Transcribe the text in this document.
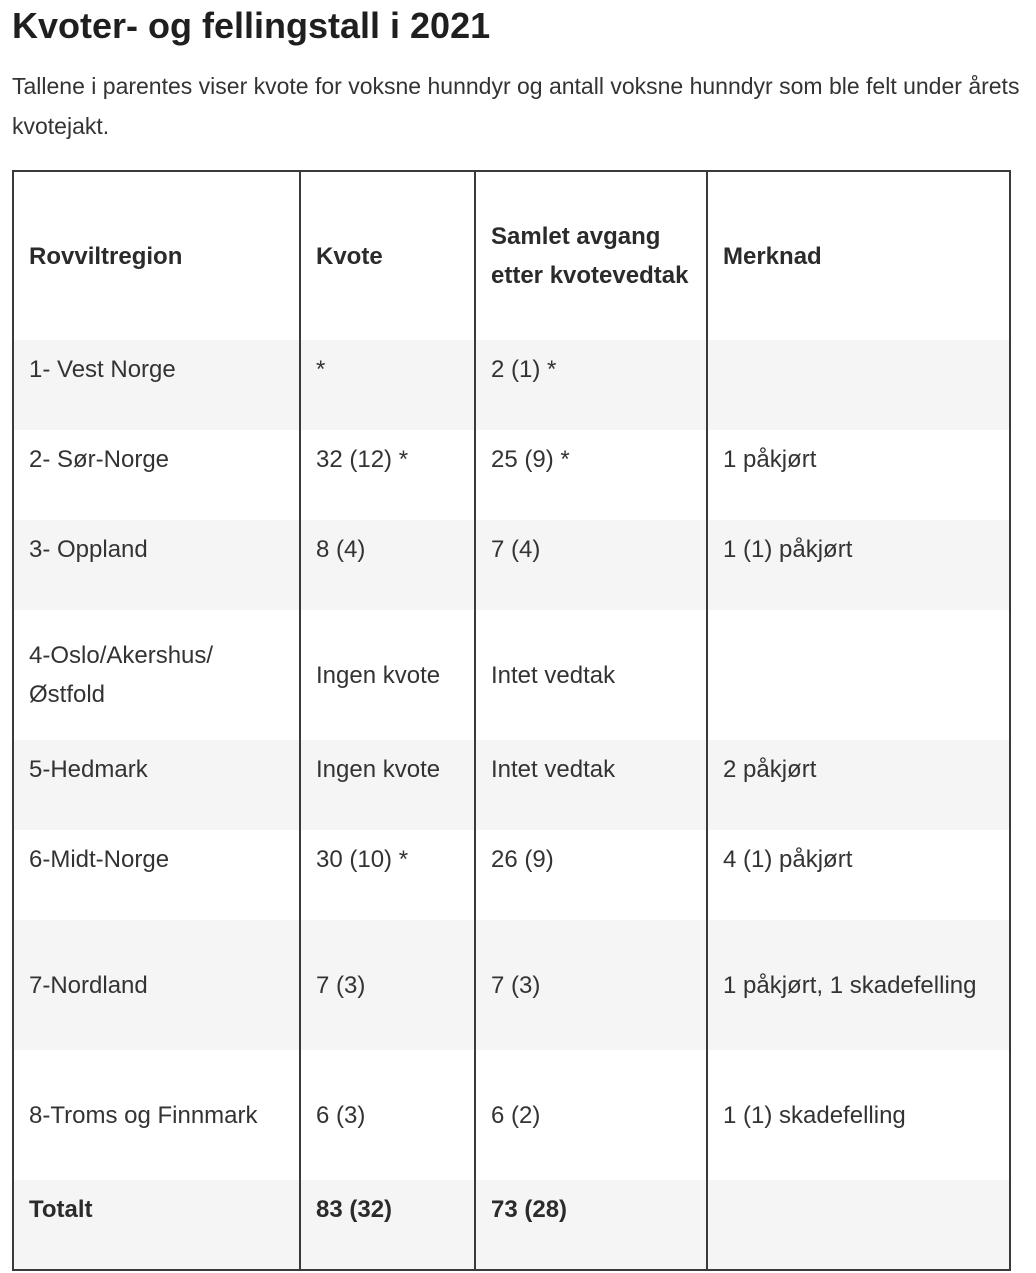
Kvoter- og fellingstall i 2021

Tallene i parentes viser kvote for voksne hunndyr og antall voksne hunndyr som ble felt under årets kvotejakt.

Rovviltregion	Kvote	Samlet avgang etter kvotevedtak	Merknad
1- Vest Norge	*	2 (1) *	
2- Sør-Norge	32 (12) *	25 (9) *	1 påkjørt
3- Oppland	8 (4)	7 (4)	1 (1) påkjørt
4-Oslo/Akershus/ Østfold	Ingen kvote	Intet vedtak	
5-Hedmark	Ingen kvote	Intet vedtak	2 påkjørt
6-Midt-Norge	30 (10) *	26 (9)	4 (1) påkjørt
7-Nordland	7 (3)	7 (3)	1 påkjørt, 1 skadefelling
8-Troms og Finnmark	6 (3)	6 (2)	1 (1) skadefelling
Totalt	83 (32)	73 (28)	
